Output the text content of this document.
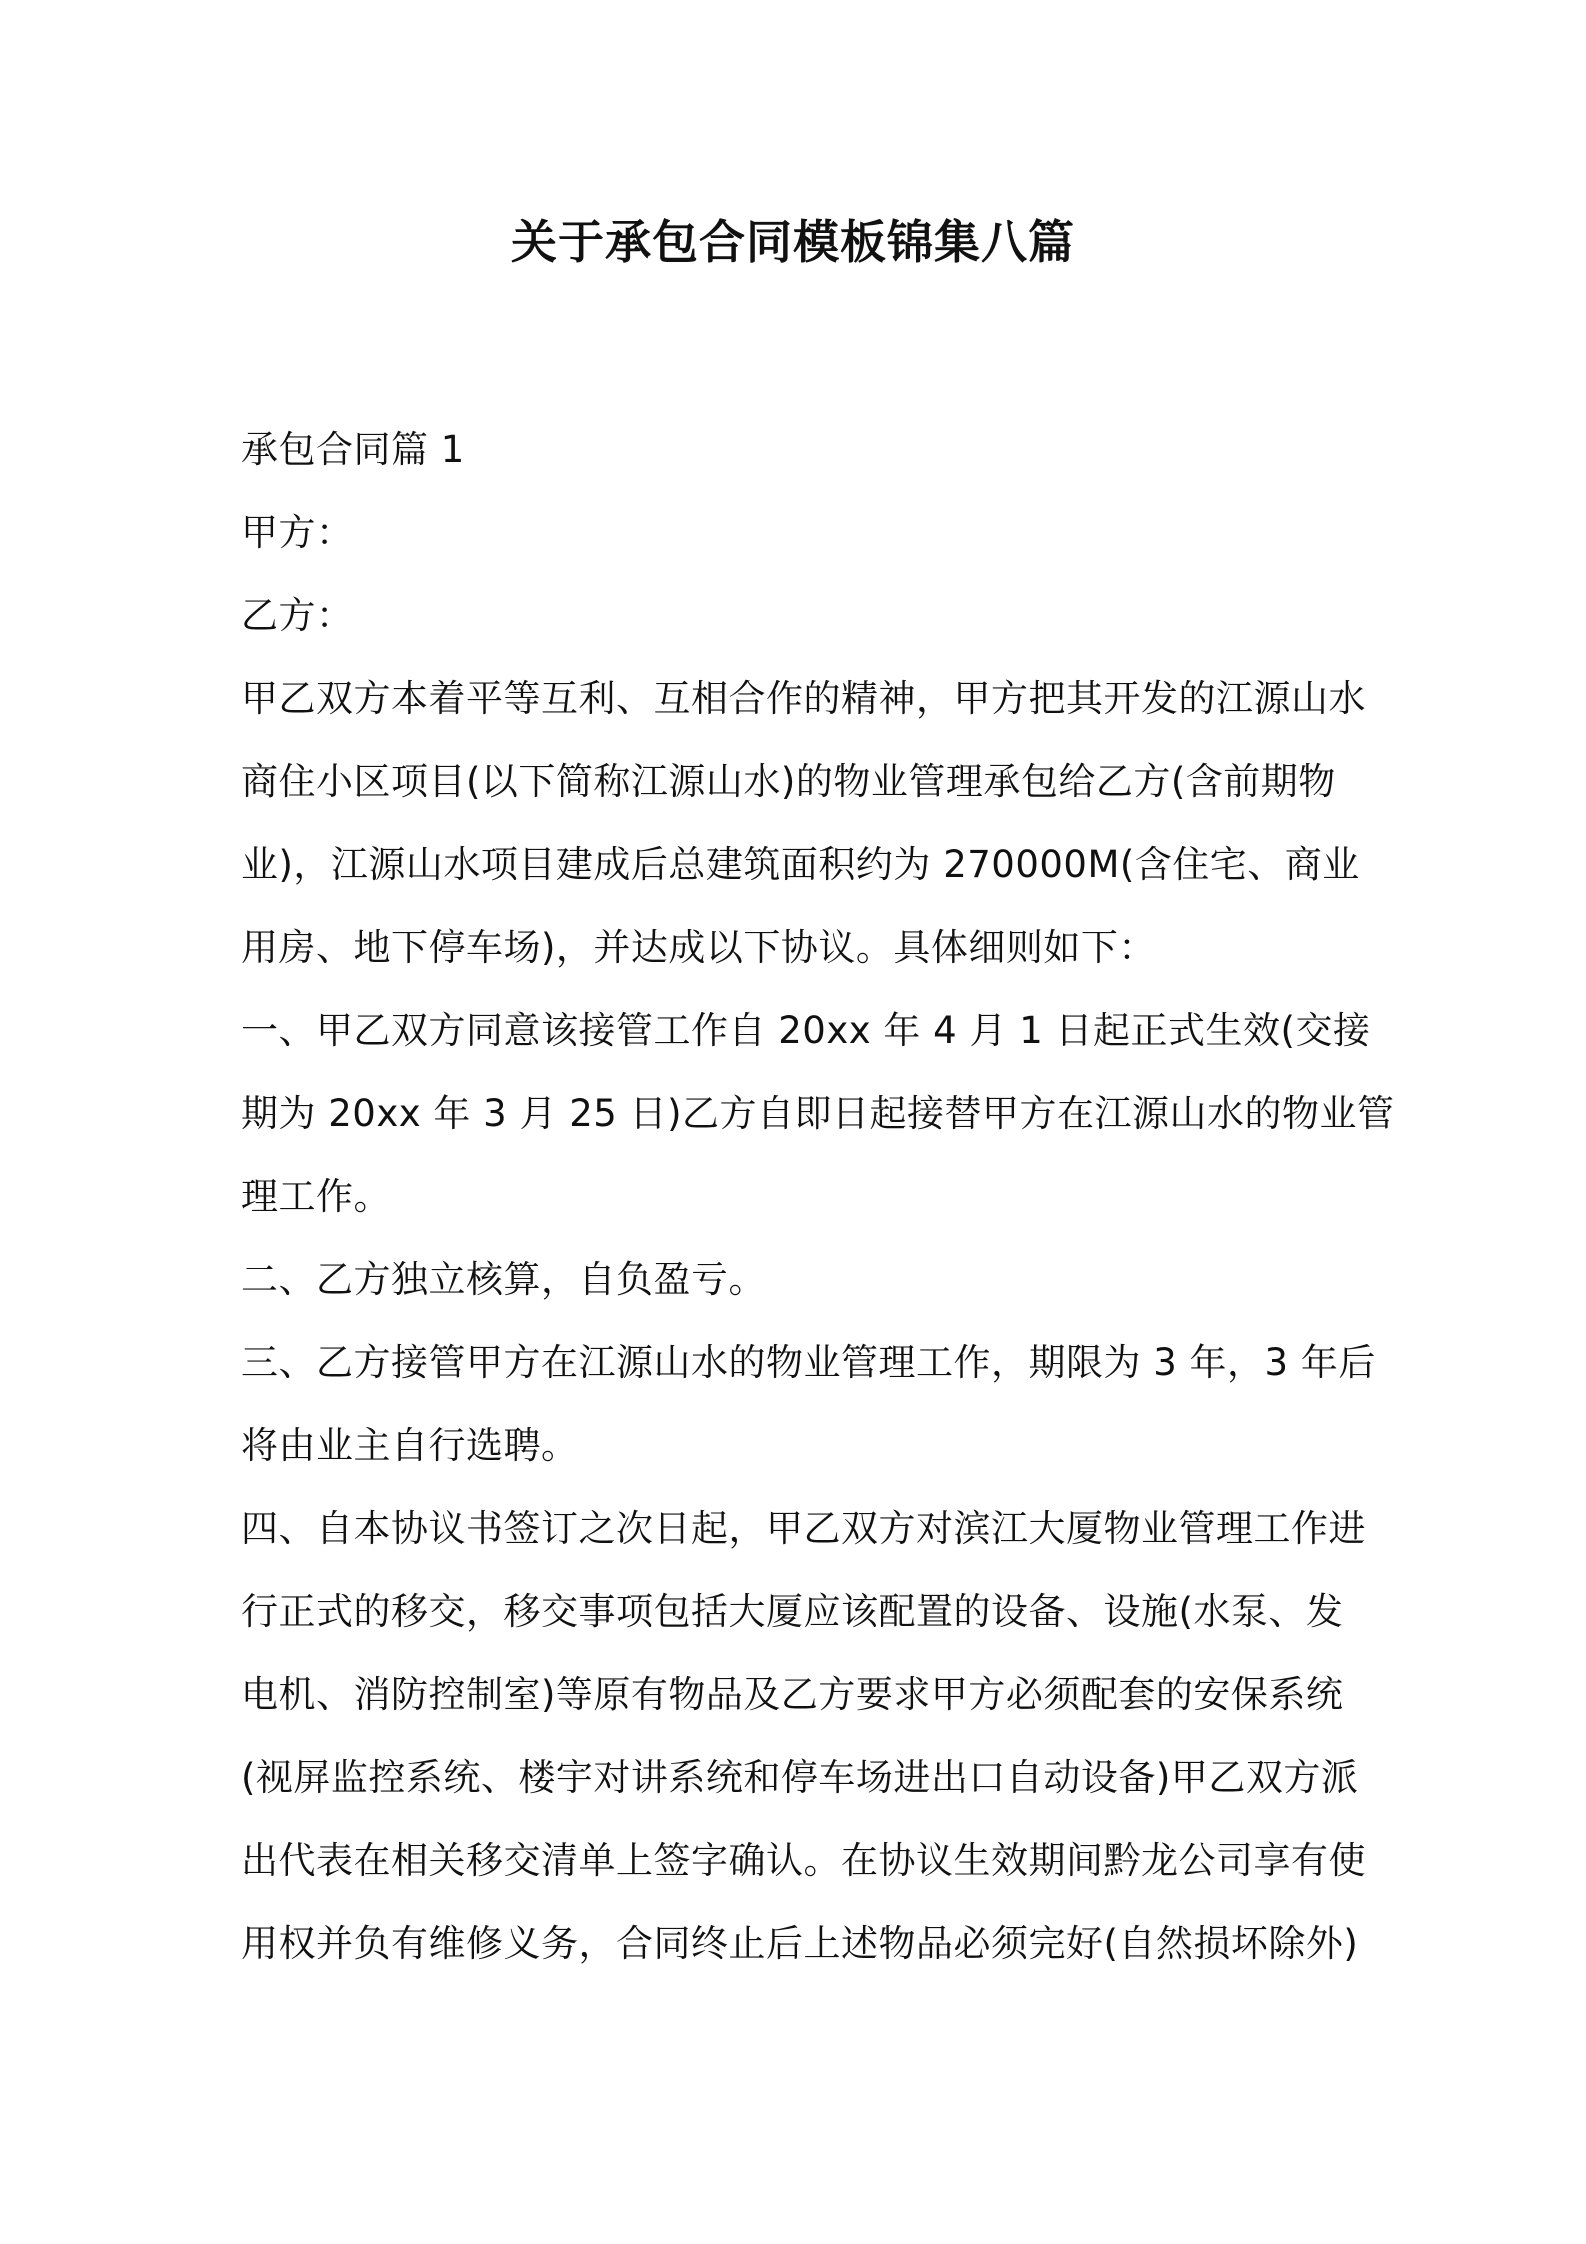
关于承包合同模板锦集八篇
承包合同篇 1
甲方：
乙方：
甲乙双方本着平等互利、互相合作的精神，甲方把其开发的江源山水
商住小区项目(以下简称江源山水)的物业管理承包给乙方(含前期物
业)，江源山水项目建成后总建筑面积约为 270000M(含住宅、商业
用房、地下停车场)，并达成以下协议。具体细则如下：
一、甲乙双方同意该接管工作自 20xx 年 4 月 1 日起正式生效(交接
期为 20xx 年 3 月 25 日)乙方自即日起接替甲方在江源山水的物业管
理工作。
二、乙方独立核算，自负盈亏。
三、乙方接管甲方在江源山水的物业管理工作，期限为 3 年，3 年后
将由业主自行选聘。
四、自本协议书签订之次日起，甲乙双方对滨江大厦物业管理工作进
行正式的移交，移交事项包括大厦应该配置的设备、设施(水泵、发
电机、消防控制室)等原有物品及乙方要求甲方必须配套的安保系统
(视屏监控系统、楼宇对讲系统和停车场进出口自动设备)甲乙双方派
出代表在相关移交清单上签字确认。在协议生效期间黔龙公司享有使
用权并负有维修义务，合同终止后上述物品必须完好(自然损坏除外)
